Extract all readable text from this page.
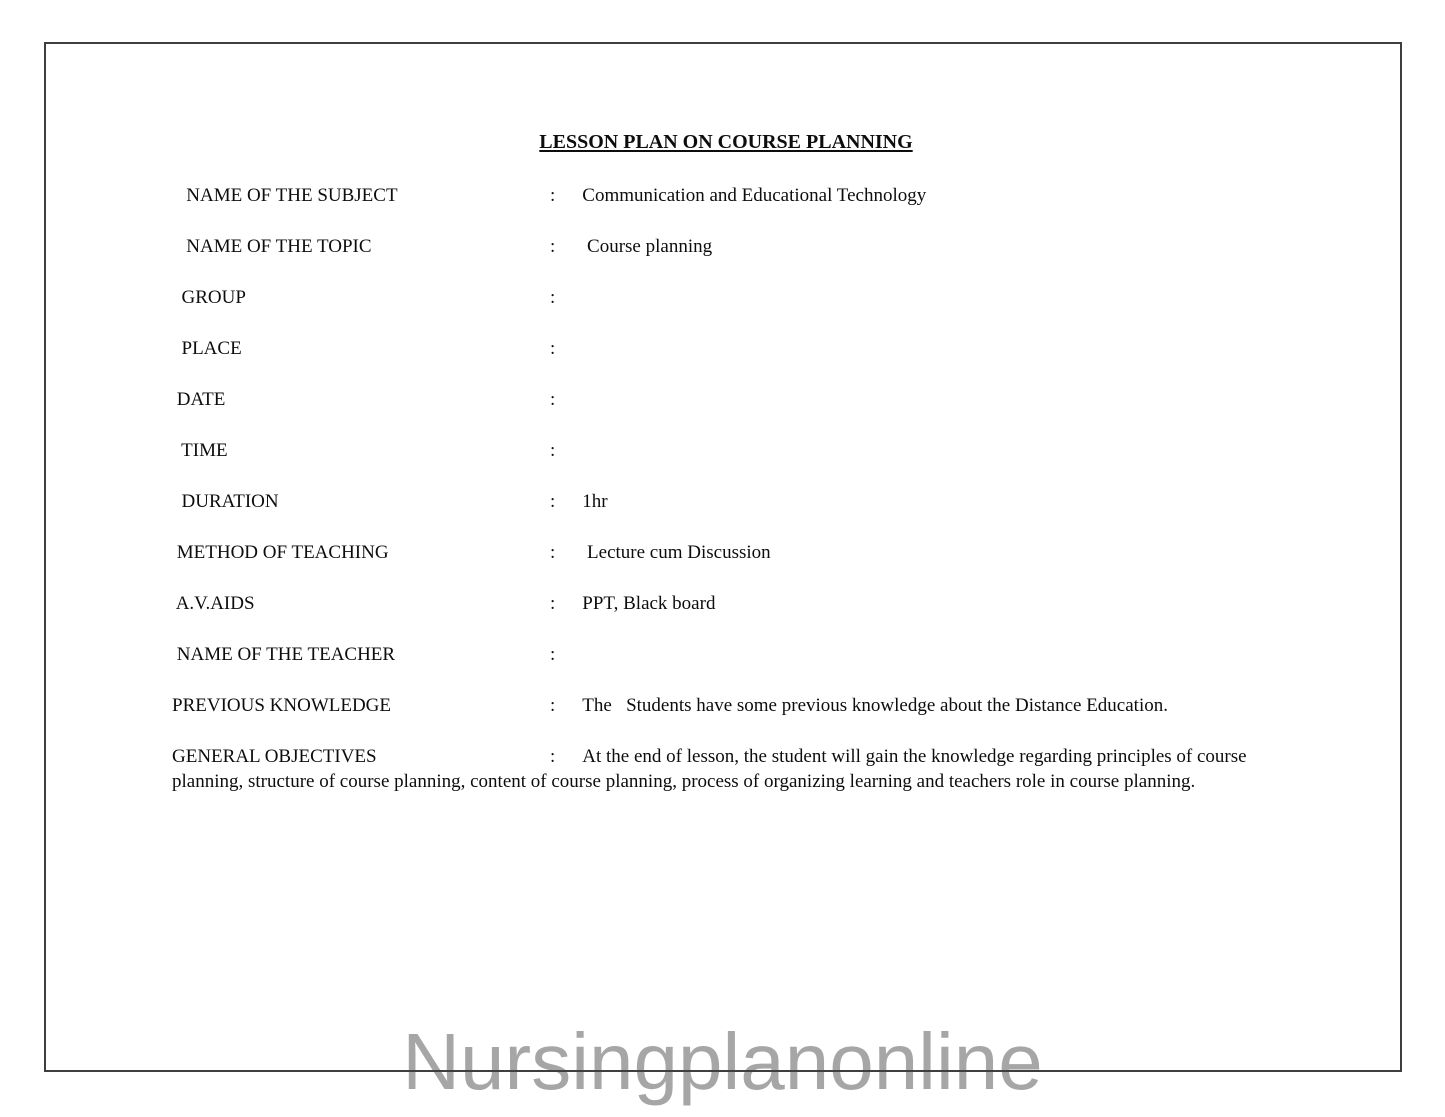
Nursingplanonline
LESSON PLAN ON COURSE PLANNING

NAME OF THE SUBJECT	: Communication and Educational Technology

NAME OF THE TOPIC	: Course planning

GROUP	:

PLACE	:

DATE	:

TIME	:

DURATION	: 1hr

METHOD OF TEACHING	: Lecture cum Discussion

A.V.AIDS	: PPT, Black board

NAME OF THE TEACHER	:

PREVIOUS KNOWLEDGE	: The   Students have some previous knowledge about the Distance Education.

GENERAL OBJECTIVES	: At the end of lesson, the student will gain the knowledge regarding principles of course planning, structure of course planning, content of course planning, process of organizing learning and teachers role in course planning.
